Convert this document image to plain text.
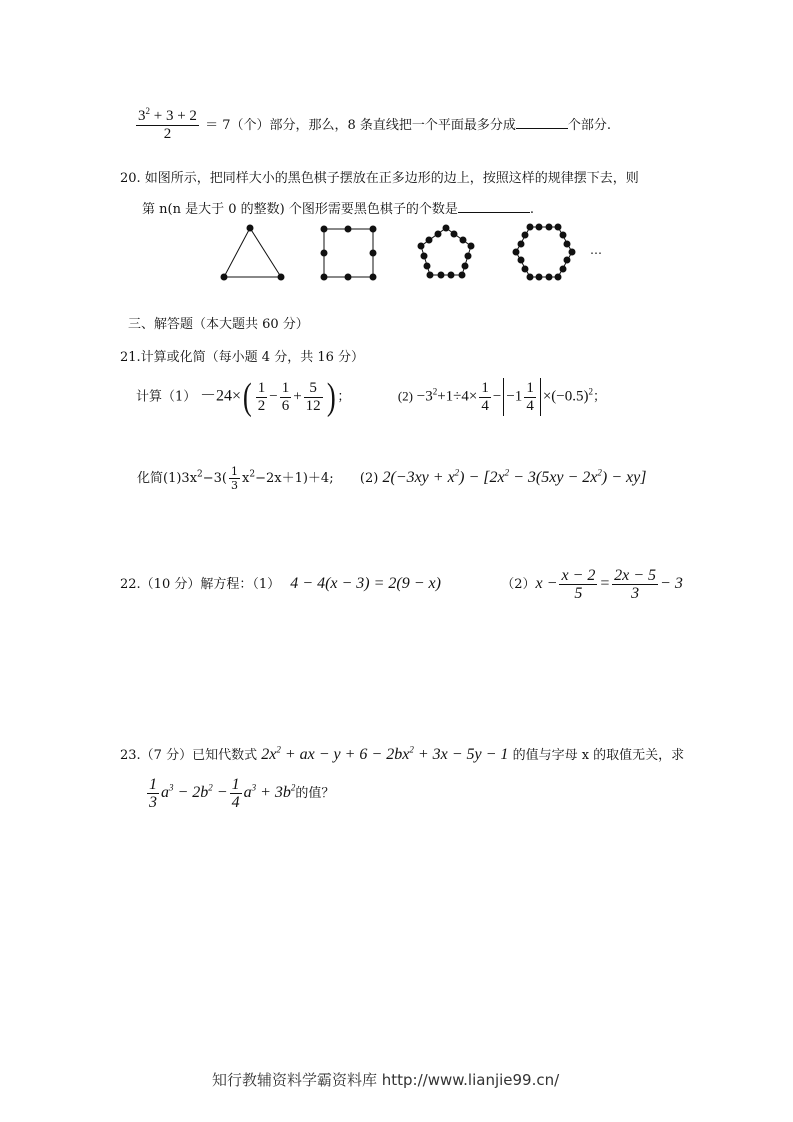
$\frac{3^2 + 3 + 2}{2} = 7$（个）部分，那么，8 条直线把一个平面最多分成	个部分.
20. 如图所示，把同样大小的黑色棋子摆放在正多边形的边上，按照这样的规律摆下去，则
第 n(n 是大于 0 的整数) 个图形需要黑色棋子的个数是	.
…
三、解答题（本大题共 60 分）
21.计算或化简（每小题 4 分，共 16 分）
计算$(1) -24\times( \frac{1}{2} - \frac{1}{6} + \frac{5}{12}$ ) ；	$(2) -3^2+1\div 4\times \frac{1}{4} - -1 \frac{1}{4} \times(-0.5)^2$；
化简$(1)3x^2-3( \frac{1}{3} x^2-2x+1)+4$; (2) $2(-3xy + x^2) - [2x^2 - 3(5xy - 2x^2) - xy]$
22.（10 分）解方程：（1） 4 − 4(x − 3) = 2(9 − x)	$(2)x - \frac{x - 2}{5} = \frac{2x - 5}{3} - 3$
23.（7 分）已知代数式 $2x^2$ + ax − $y + 6 - 2bx^2 + 3x - 5y - 1$ 的值与字母 x 的取值无关，求
$\frac{1}{3} a^3 - 2b^2 - \frac{1}{4} a^3 + 3b^2$的值？
知行教辅资料学霸资料库 http://www.lianjie99.cn/
